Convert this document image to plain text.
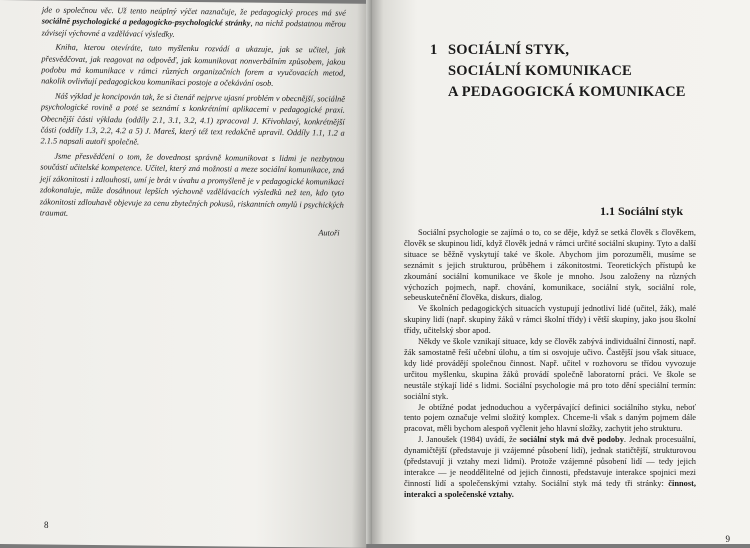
jde o společnou věc. Už tento neúplný výčet naznačuje, že pedagogický proces má své sociálně psychologické a pedagogicko-psychologické stránky, na nichž podstatnou měrou závisejí výchovné a vzdělávací výsledky.

Kniha, kterou otevíráte, tuto myšlenku rozvádí a ukazuje, jak se učitel, jak přesvědčovat, jak reagovat na odpověď, jak komunikovat nonverbálním způsobem, jakou podobu má komunikace v rámci různých organizačních forem a vyučovacích metod, nakolik ovlivňují pedagogickou komunikaci postoje a očekávání osob.

Náš výklad je koncipován tak, že si čtenář nejprve ujasní problém v obecnější, sociálně psychologické rovině a poté se seznámí s konkrétními aplikacemi v pedagogické praxi. Obecnější části výkladu (oddíly 2.1, 3.1, 3.2, 4.1) zpracoval J. Křivohlavý, konkrétnější části (oddíly 1.3, 2.2, 4.2 a 5) J. Mareš, který též text redakčně upravil. Oddíly 1.1, 1.2 a 2.1.5 napsali autoři společně.

Jsme přesvědčeni o tom, že dovednost správně komunikovat s lidmi je nezbytnou součástí učitelské kompetence. Učitel, který zná možnosti a meze sociální komunikace, zná její zákonitosti i zdlouhosti, umí je brát v úvahu a promyšleně je v pedagogické komunikaci zdokonaluje, může dosáhnout lepších výchovně vzdělávacích výsledků než ten, kdo tyto zákonitosti zdlouhavě objevuje za cenu zbytečných pokusů, riskantních omylů i psychických traumat.

Autoři
8
1 SOCIÁLNÍ STYK,
SOCIÁLNÍ KOMUNIKACE
A PEDAGOGICKÁ KOMUNIKACE
1.1 Sociální styk

Sociální psychologie se zajímá o to, co se děje, když se setká člověk s člověkem, člověk se skupinou lidí, když člověk jedná v rámci určité sociální skupiny. Tyto a další situace se běžně vyskytují také ve škole. Abychom jim porozuměli, musíme se seznámit s jejich strukturou, průběhem i zákonitostmi. Teoretických přístupů ke zkoumání sociální komunikace ve škole je mnoho. Jsou založeny na různých výchozích pojmech, např. chování, komunikace, sociální styk, sociální role, sebeuskutečnění člověka, diskurs, dialog.

Ve školních pedagogických situacích vystupují jednotliví lidé (učitel, žák), malé skupiny lidí (např. skupiny žáků v rámci školní třídy) i větší skupiny, jako jsou školní třídy, učitelský sbor apod.

Někdy ve škole vznikají situace, kdy se člověk zabývá individuální činností, např. žák samostatně řeší učební úlohu, a tím si osvojuje učivo. Častější jsou však situace, kdy lidé provádějí společnou činnost. Např. učitel v rozhovoru se třídou vyvozuje určitou myšlenku, skupina žáků provádí společně laboratorní práci. Ve škole se neustále stýkají lidé s lidmi. Sociální psychologie má pro toto dění speciální termín: sociální styk.

Je obtížné podat jednoduchou a vyčerpávající definici sociálního styku, neboť tento pojem označuje velmi složitý komplex. Chceme-li však s daným pojmem dále pracovat, měli bychom alespoň vyčlenit jeho hlavní složky, zachytit jeho strukturu.

J. Janoušek (1984) uvádí, že sociální styk má dvě podoby. Jednak procesuální, dynamičtější (představuje ji vzájemné působení lidí), jednak statičtější, strukturovou (představují ji vztahy mezi lidmi). Protože vzájemné působení lidí — tedy jejich interakce — je neoddělitelné od jejich činnosti, představuje interakce spojnici mezi činností lidí a společenskými vztahy. Sociální styk má tedy tři stránky: činnost, interakci a společenské vztahy.

9
